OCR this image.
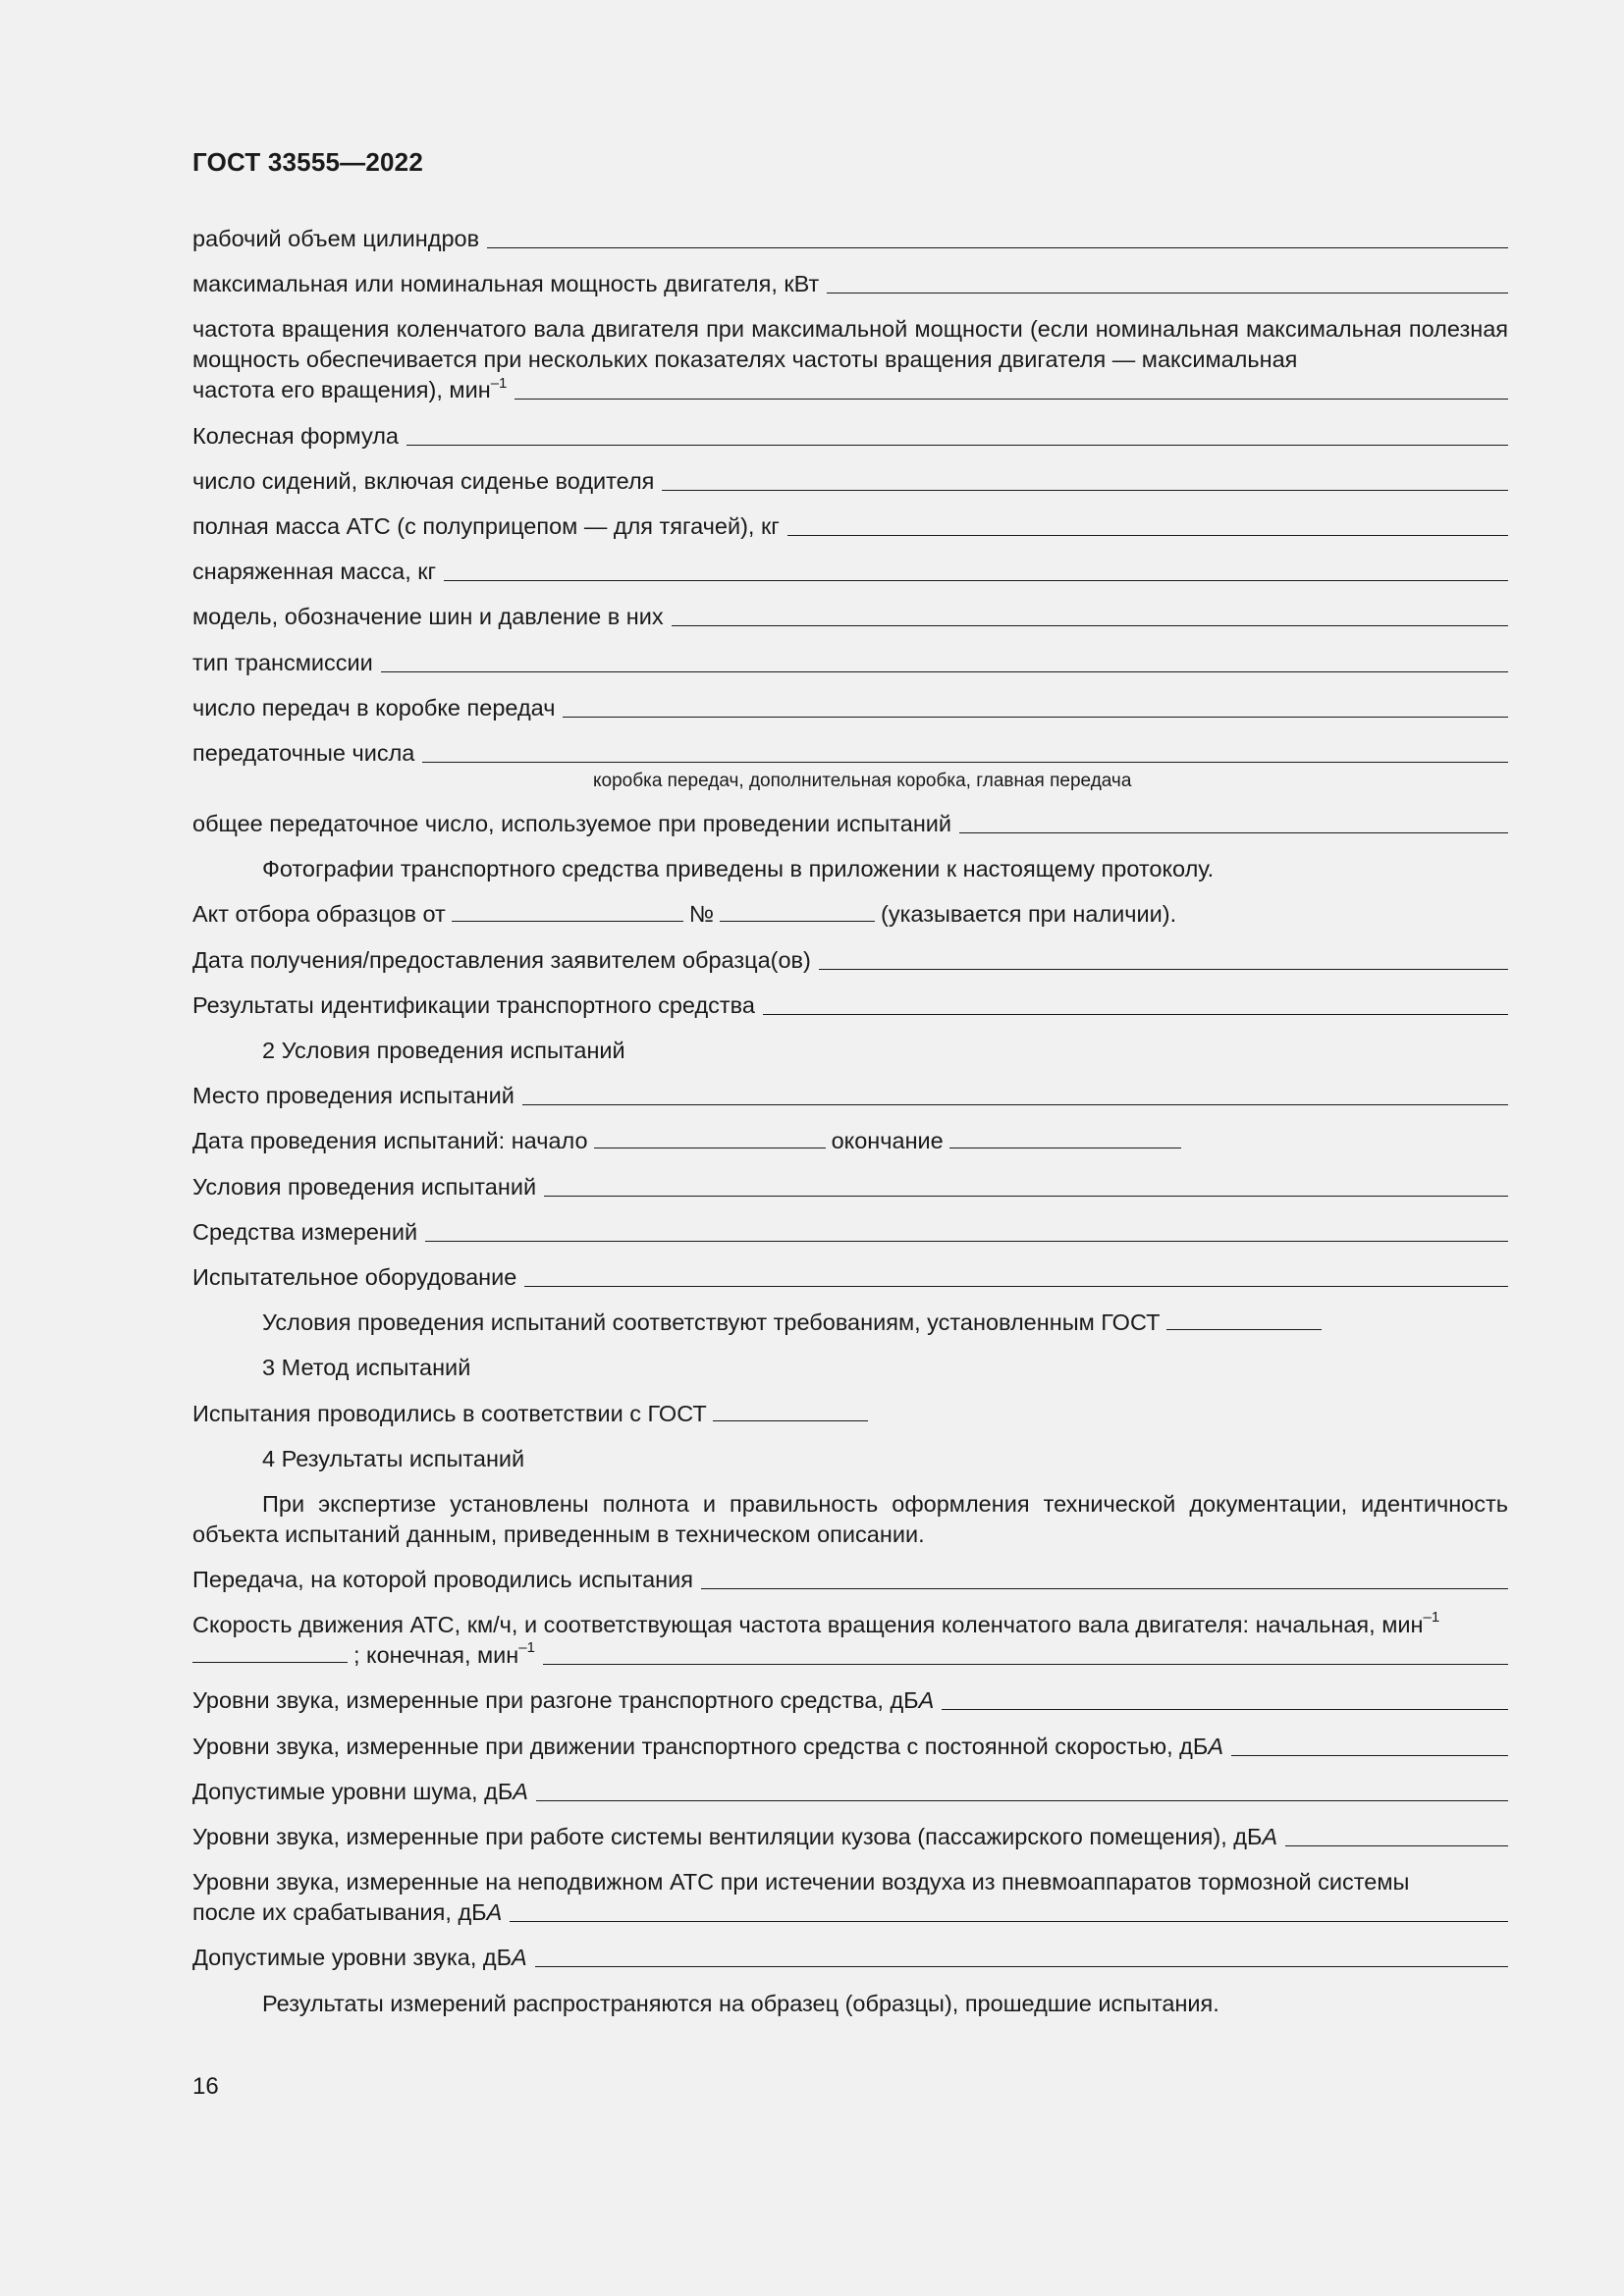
ГОСТ 33555—2022
рабочий объем цилиндров
максимальная или номинальная мощность двигателя, кВт
частота вращения коленчатого вала двигателя при максимальной мощности (если номинальная максимальная полезная мощность обеспечивается при нескольких показателях частоты вращения двигателя — максимальная
частота его вращения), мин$^{-1}$
Колесная формула
число сидений, включая сиденье водителя
полная масса АТС (с полуприцепом — для тягачей), кг
снаряженная масса, кг
модель, обозначение шин и давление в них
тип трансмиссии
число передач в коробке передач
передаточные числа
коробка передач, дополнительная коробка, главная передача
общее передаточное число, используемое при проведении испытаний
Фотографии транспортного средства приведены в приложении к настоящему протоколу.
Акт отбора образцов от	№	(указывается при наличии).
Дата получения/предоставления заявителем образца(ов)
Результаты идентификации транспортного средства
2 Условия проведения испытаний
Место проведения испытаний
Дата проведения испытаний: начало	окончание
Условия проведения испытаний
Средства измерений
Испытательное оборудование
Условия проведения испытаний соответствуют требованиям, установленным ГОСТ
3 Метод испытаний
Испытания проводились в соответствии с ГОСТ
4 Результаты испытаний
При экспертизе установлены полнота и правильность оформления технической документации, идентичность объекта испытаний данным, приведенным в техническом описании.
Передача, на которой проводились испытания
Скорость движения АТС, км/ч, и соответствующая частота вращения коленчатого вала двигателя: начальная, мин$^{-1}$
; конечная, мин$^{-1}$
Уровни звука, измеренные при разгоне транспортного средства, дБА
Уровни звука, измеренные при движении транспортного средства с постоянной скоростью, дБА
Допустимые уровни шума, дБА
Уровни звука, измеренные при работе системы вентиляции кузова (пассажирского помещения), дБА
Уровни звука, измеренные на неподвижном АТС при истечении воздуха из пневмоаппаратов тормозной системы
после их срабатывания, дБА
Допустимые уровни звука, дБА
Результаты измерений распространяются на образец (образцы), прошедшие испытания.
16
